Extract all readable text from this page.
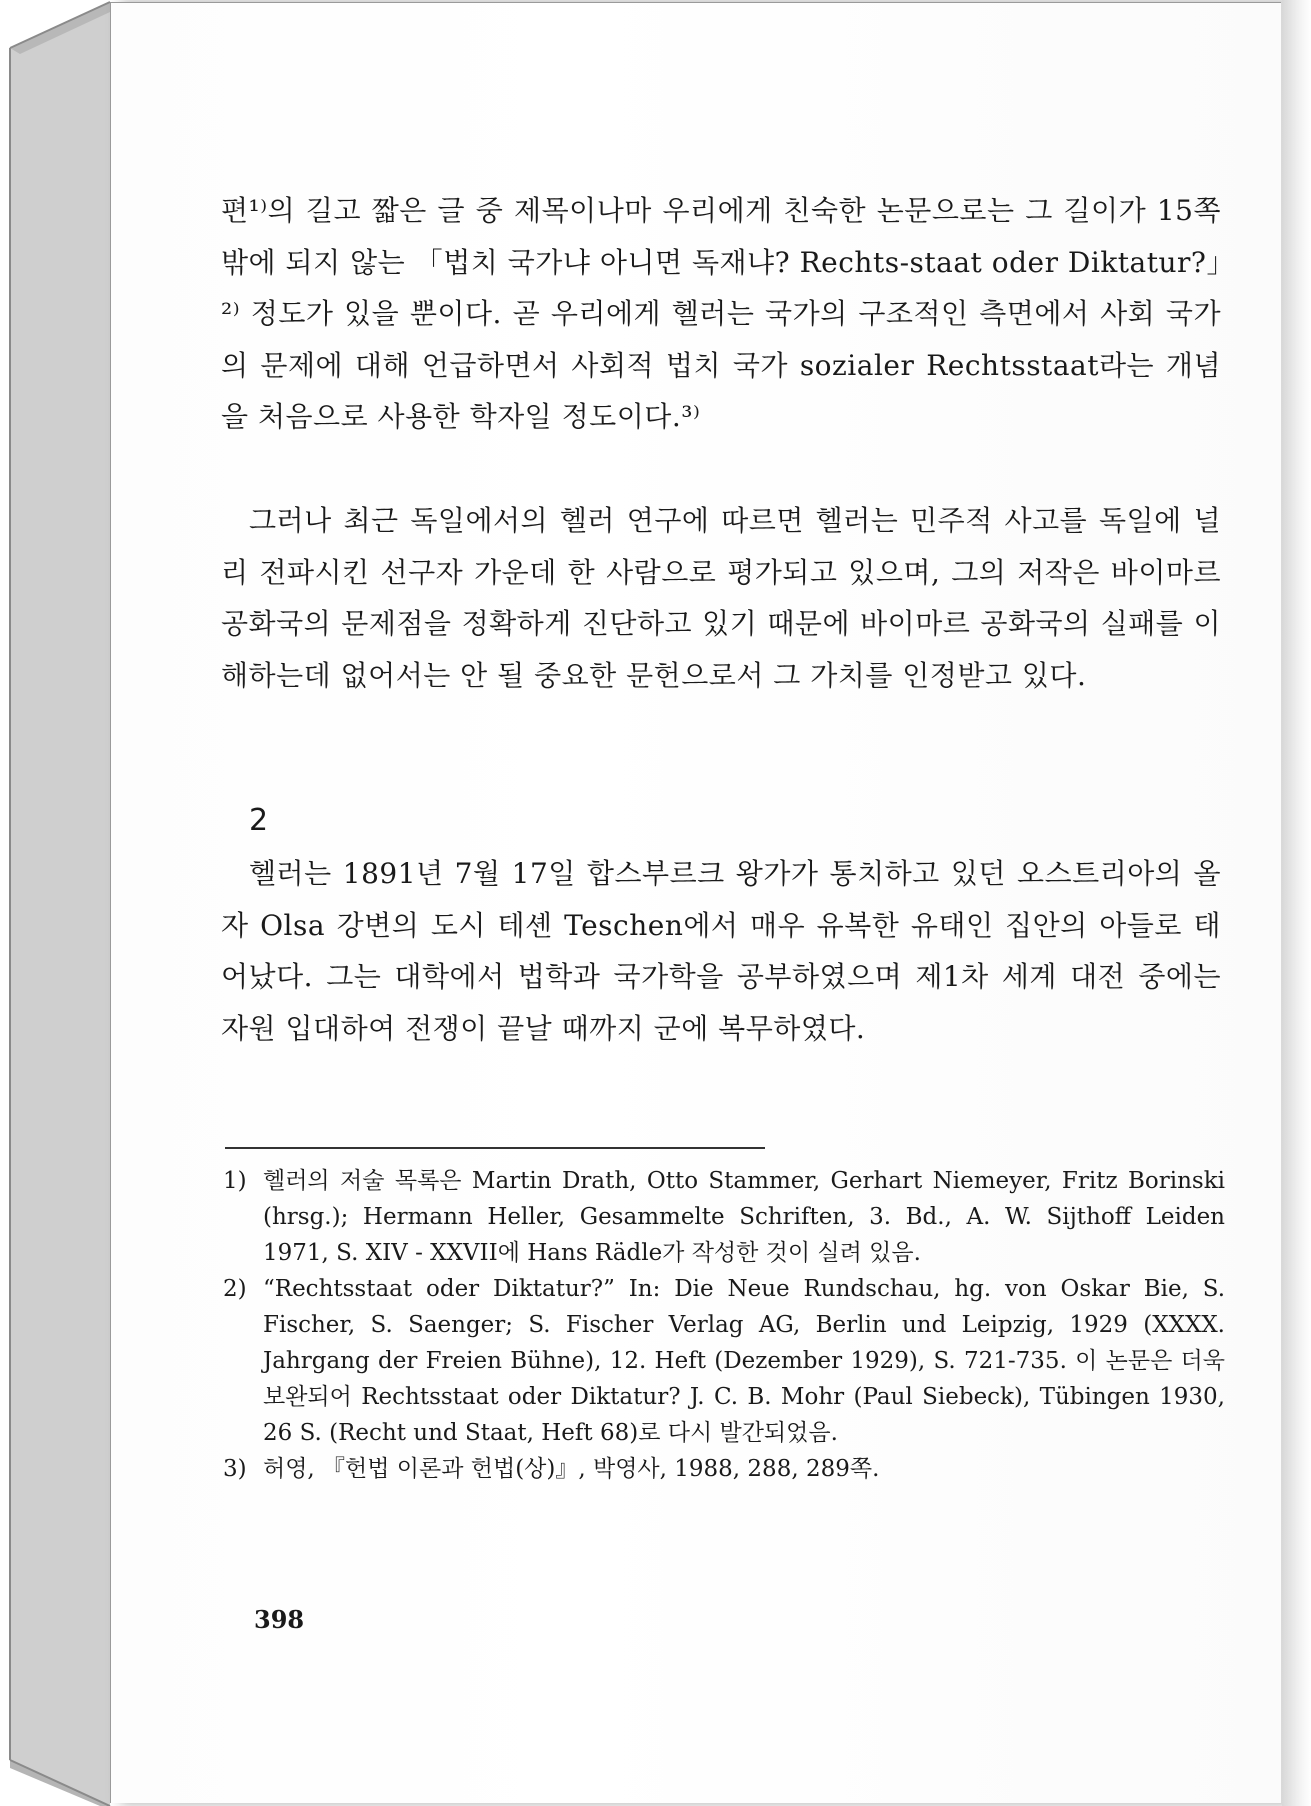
편¹⁾의 길고 짧은 글 중 제목이나마 우리에게 친숙한 논문으로는 그 길이가 15쪽밖에 되지 않는 「법치 국가냐 아니면 독재냐? Rechts-staat oder Diktatur?」²⁾ 정도가 있을 뿐이다. 곧 우리에게 헬러는 국가의 구조적인 측면에서 사회 국가의 문제에 대해 언급하면서 사회적 법치 국가 sozialer Rechtsstaat라는 개념을 처음으로 사용한 학자일 정도이다.³⁾

그러나 최근 독일에서의 헬러 연구에 따르면 헬러는 민주적 사고를 독일에 널리 전파시킨 선구자 가운데 한 사람으로 평가되고 있으며, 그의 저작은 바이마르 공화국의 문제점을 정확하게 진단하고 있기 때문에 바이마르 공화국의 실패를 이해하는데 없어서는 안 될 중요한 문헌으로서 그 가치를 인정받고 있다.

2

헬러는 1891년 7월 17일 합스부르크 왕가가 통치하고 있던 오스트리아의 올자 Olsa 강변의 도시 테셴 Teschen에서 매우 유복한 유태인 집안의 아들로 태어났다. 그는 대학에서 법학과 국가학을 공부하였으며 제1차 세계 대전 중에는 자원 입대하여 전쟁이 끝날 때까지 군에 복무하였다.

1) 헬러의 저술 목록은 Martin Drath, Otto Stammer, Gerhart Niemeyer, Fritz Borinski (hrsg.); Hermann Heller, Gesammelte Schriften, 3. Bd., A. W. Sijthoff Leiden 1971, S. XIV - XXVII에 Hans Rädle가 작성한 것이 실려 있음.
2) “Rechtsstaat oder Diktatur?” In: Die Neue Rundschau, hg. von Oskar Bie, S. Fischer, S. Saenger; S. Fischer Verlag AG, Berlin und Leipzig, 1929 (XXXX. Jahrgang der Freien Bühne), 12. Heft (Dezember 1929), S. 721-735. 이 논문은 더욱 보완되어 Rechtsstaat oder Diktatur? J. C. B. Mohr (Paul Siebeck), Tübingen 1930, 26 S. (Recht und Staat, Heft 68)로 다시 발간되었음.
3) 허영, 『헌법 이론과 헌법(상)』, 박영사, 1988, 288, 289쪽.
398
